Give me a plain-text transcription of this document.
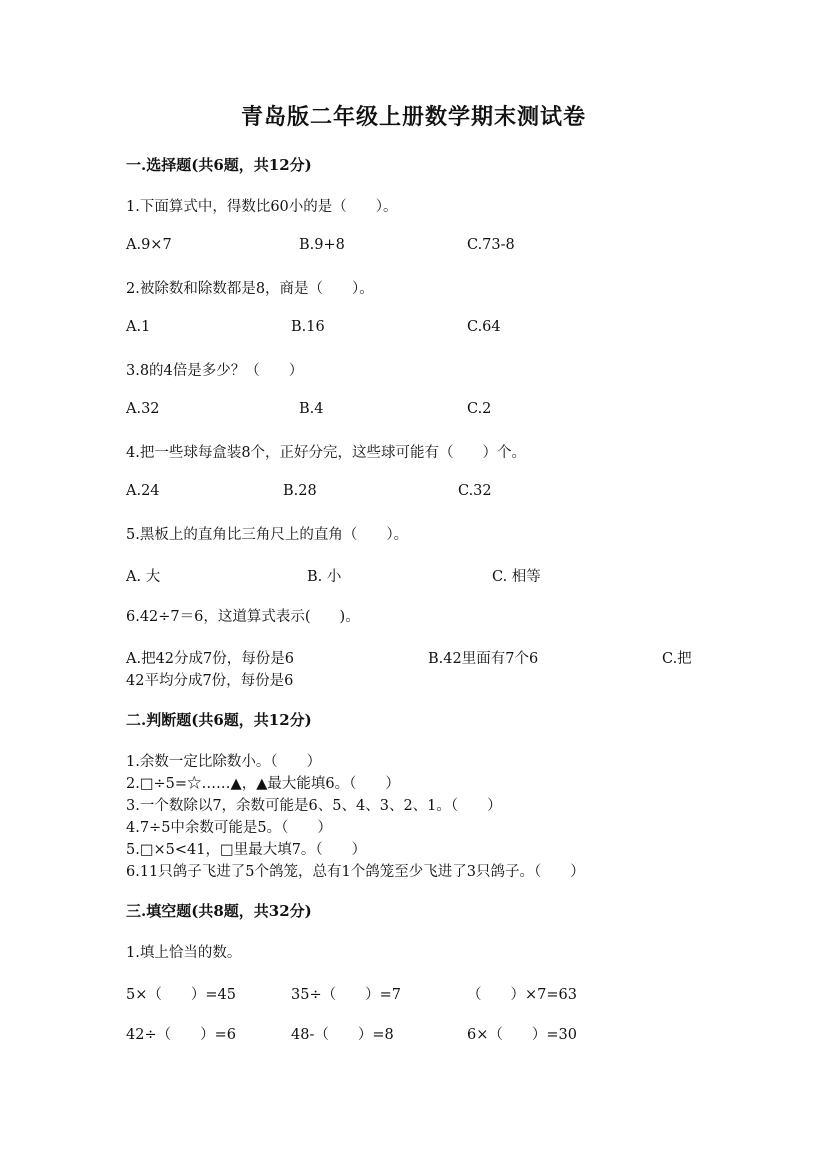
青岛版二年级上册数学期末测试卷
一.选择题(共6题，共12分)
1.下面算式中，得数比60小的是（　　）。
A.9×7	B.9+8	C.73-8
2.被除数和除数都是8，商是（　　）。
A.1	B.16	C.64
3.8的4倍是多少？（　　）
A.32	B.4	C.2
4.把一些球每盒装8个，正好分完，这些球可能有（　　）个。
A.24	B.28	C.32
5.黑板上的直角比三角尺上的直角（　　）。
A. 大	B. 小	C. 相等
6.42÷7＝6，这道算式表示(　　)。
A.把42分成7份，每份是6	B.42里面有7个6	C.把
42平均分成7份，每份是6
二.判断题(共6题，共12分)
1.余数一定比除数小。（　　）
2.□÷5=☆……▲，▲最大能填6。（　　）
3.一个数除以7，余数可能是6、5、4、3、2、1。（　　）
4.7÷5中余数可能是5。（　　）
5.□×5<41，□里最大填7。（　　）
6.11只鸽子飞进了5个鸽笼，总有1个鸽笼至少飞进了3只鸽子。（　　）
三.填空题(共8题，共32分)
1.填上恰当的数。
5×（　　）=45	35÷（　　）=7	（　　）×7=63
42÷（　　）=6	48-（　　）=8	6×（　　）=30
